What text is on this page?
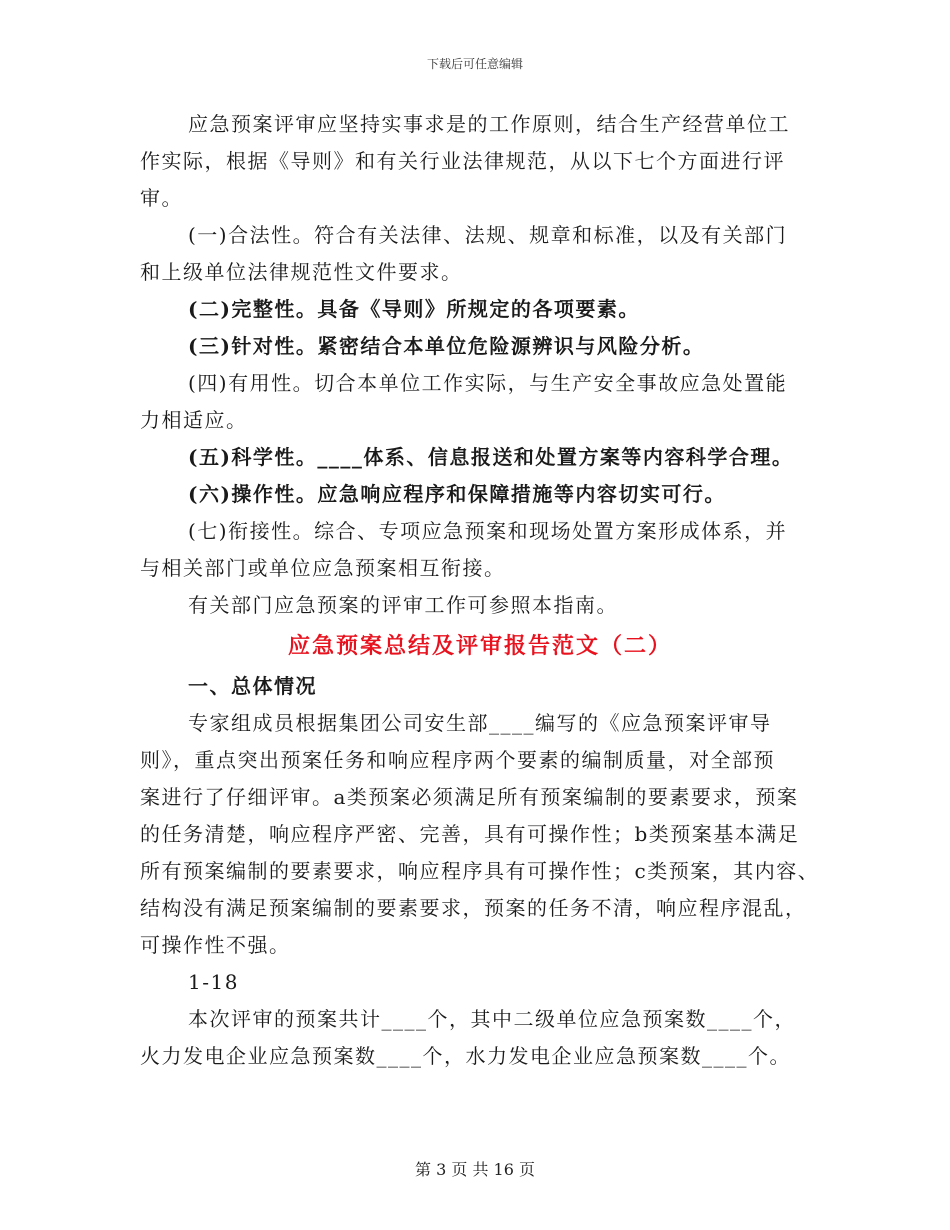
下载后可任意编辑

应急预案评审应坚持实事求是的工作原则，结合生产经营单位工

作实际，根据《导则》和有关行业法律规范，从以下七个方面进行评

审。

(一)合法性。符合有关法律、法规、规章和标准，以及有关部门

和上级单位法律规范性文件要求。

(二)完整性。具备《导则》所规定的各项要素。

(三)针对性。紧密结合本单位危险源辨识与风险分析。

(四)有用性。切合本单位工作实际，与生产安全事故应急处置能

力相适应。

(五)科学性。____体系、信息报送和处置方案等内容科学合理。

(六)操作性。应急响应程序和保障措施等内容切实可行。

(七)衔接性。综合、专项应急预案和现场处置方案形成体系，并

与相关部门或单位应急预案相互衔接。

有关部门应急预案的评审工作可参照本指南。

应急预案总结及评审报告范文（二）

一、总体情况

专家组成员根据集团公司安生部____编写的《应急预案评审导

则》，重点突出预案任务和响应程序两个要素的编制质量，对全部预

案进行了仔细评审。a类预案必须满足所有预案编制的要素要求，预案

的任务清楚，响应程序严密、完善，具有可操作性；b类预案基本满足

所有预案编制的要素要求，响应程序具有可操作性；c类预案，其内容、

结构没有满足预案编制的要素要求，预案的任务不清，响应程序混乱，

可操作性不强。

1-18

本次评审的预案共计____个，其中二级单位应急预案数____个，

火力发电企业应急预案数____个，水力发电企业应急预案数____个。

第 3 页 共 16 页
